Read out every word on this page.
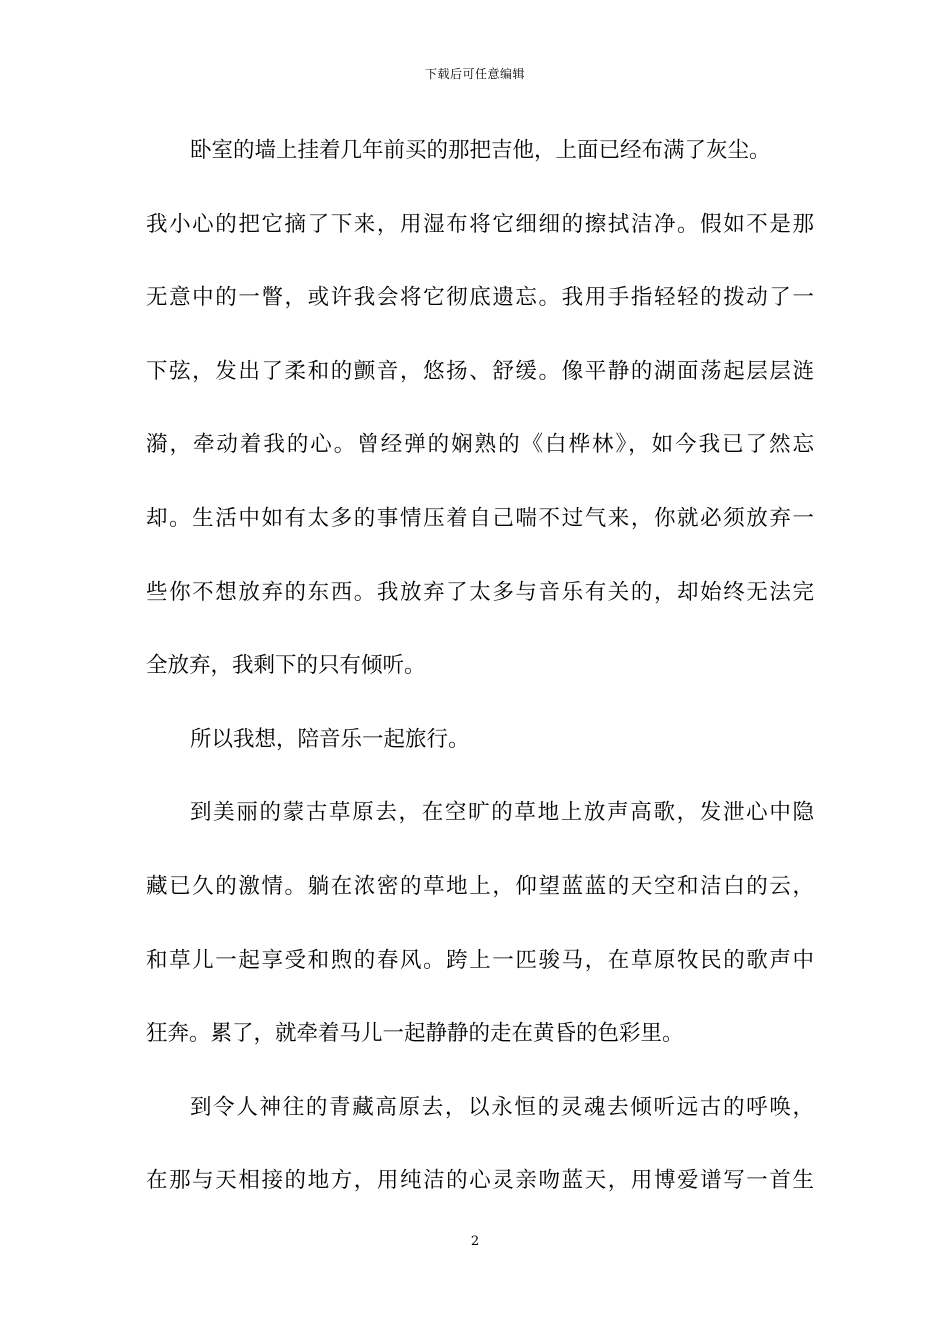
下载后可任意编辑
卧室的墙上挂着几年前买的那把吉他，上面已经布满了灰尘。
我小心的把它摘了下来，用湿布将它细细的擦拭洁净。假如不是那
无意中的一瞥，或许我会将它彻底遗忘。我用手指轻轻的拨动了一
下弦，发出了柔和的颤音，悠扬、舒缓。像平静的湖面荡起层层涟
漪，牵动着我的心。曾经弹的娴熟的《白桦林》，如今我已了然忘
却。生活中如有太多的事情压着自己喘不过气来，你就必须放弃一
些你不想放弃的东西。我放弃了太多与音乐有关的，却始终无法完
全放弃，我剩下的只有倾听。
所以我想，陪音乐一起旅行。
到美丽的蒙古草原去，在空旷的草地上放声高歌，发泄心中隐
藏已久的激情。躺在浓密的草地上，仰望蓝蓝的天空和洁白的云，
和草儿一起享受和煦的春风。跨上一匹骏马，在草原牧民的歌声中
狂奔。累了，就牵着马儿一起静静的走在黄昏的色彩里。
到令人神往的青藏高原去，以永恒的灵魂去倾听远古的呼唤，
在那与天相接的地方，用纯洁的心灵亲吻蓝天，用博爱谱写一首生
2
